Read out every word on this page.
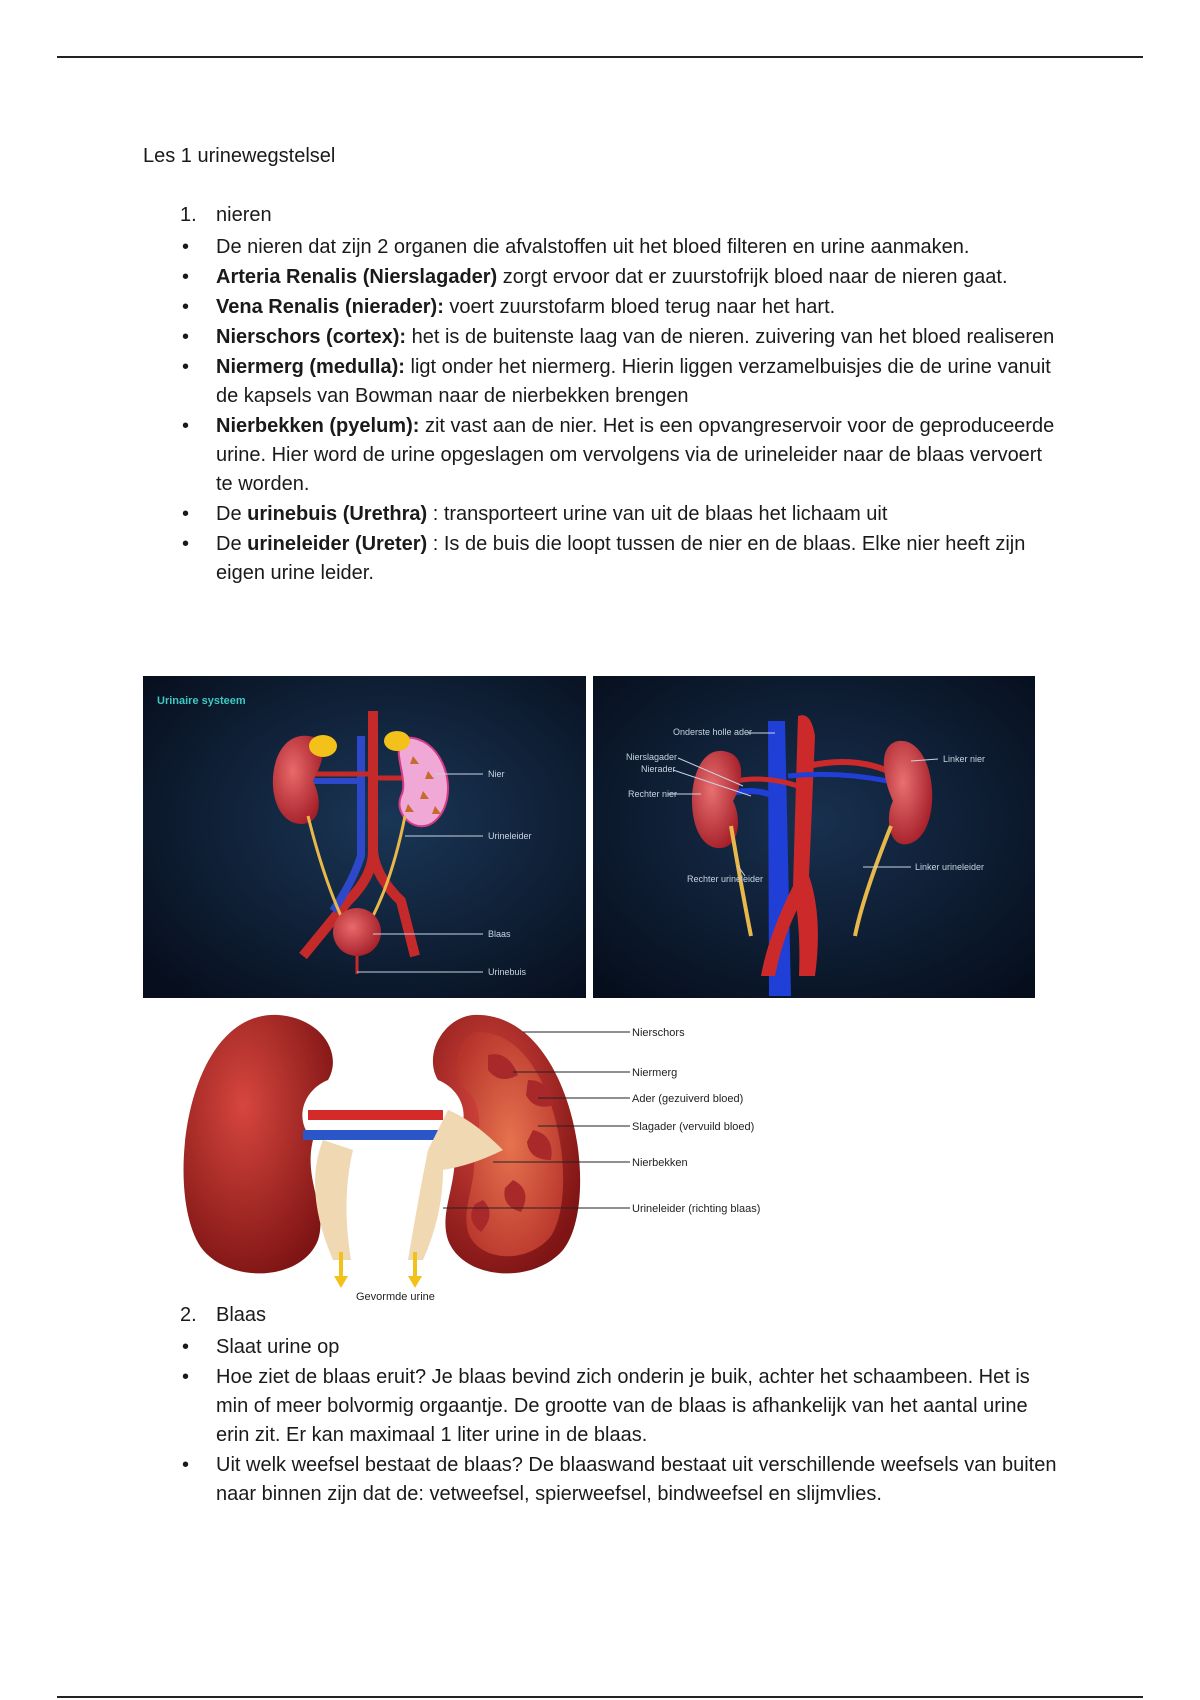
Les 1 urinewegstelsel
1. nieren
• De nieren dat zijn 2 organen die afvalstoffen uit het bloed filteren en urine aanmaken.
• Arteria Renalis (Nierslagader) zorgt ervoor dat er zuurstofrijk bloed naar de nieren gaat.
• Vena Renalis (nierader): voert zuurstofarm bloed terug naar het hart.
• Nierschors (cortex): het is de buitenste laag van de nieren. zuivering van het bloed realiseren
• Niermerg (medulla): ligt onder het niermerg. Hierin liggen verzamelbuisjes die de urine vanuit de kapsels van Bowman naar de nierbekken brengen
• Nierbekken (pyelum): zit vast aan de nier. Het is een opvangreservoir voor de geproduceerde urine. Hier word de urine opgeslagen om vervolgens via de urineleider naar de blaas vervoert te worden.
• De urinebuis (Urethra) : transporteert urine van uit de blaas het lichaam uit
• De urineleider (Ureter) : Is de buis die loopt tussen de nier en de blaas. Elke nier heeft zijn eigen urine leider.
Urinaire systeem
Nier
Urineleider
Blaas
Urinebuis
Onderste holle ader
Nierslagader
Nierader
Rechter nier
Linker nier
Rechter urineleider
Linker urineleider
Nierschors
Niermerg
Ader (gezuiverd bloed)
Slagader (vervuild bloed)
Nierbekken
Urineleider (richting blaas)
Gevormde urine
2. Blaas
• Slaat urine op
• Hoe ziet de blaas eruit? Je blaas bevind zich onderin je buik, achter het schaambeen. Het is min of meer bolvormig orgaantje. De grootte van de blaas is afhankelijk van het aantal urine erin zit. Er kan maximaal 1 liter urine in de blaas.
• Uit welk weefsel bestaat de blaas? De blaaswand bestaat uit verschillende weefsels van buiten naar binnen zijn dat de: vetweefsel, spierweefsel, bindweefsel en slijmvlies.
